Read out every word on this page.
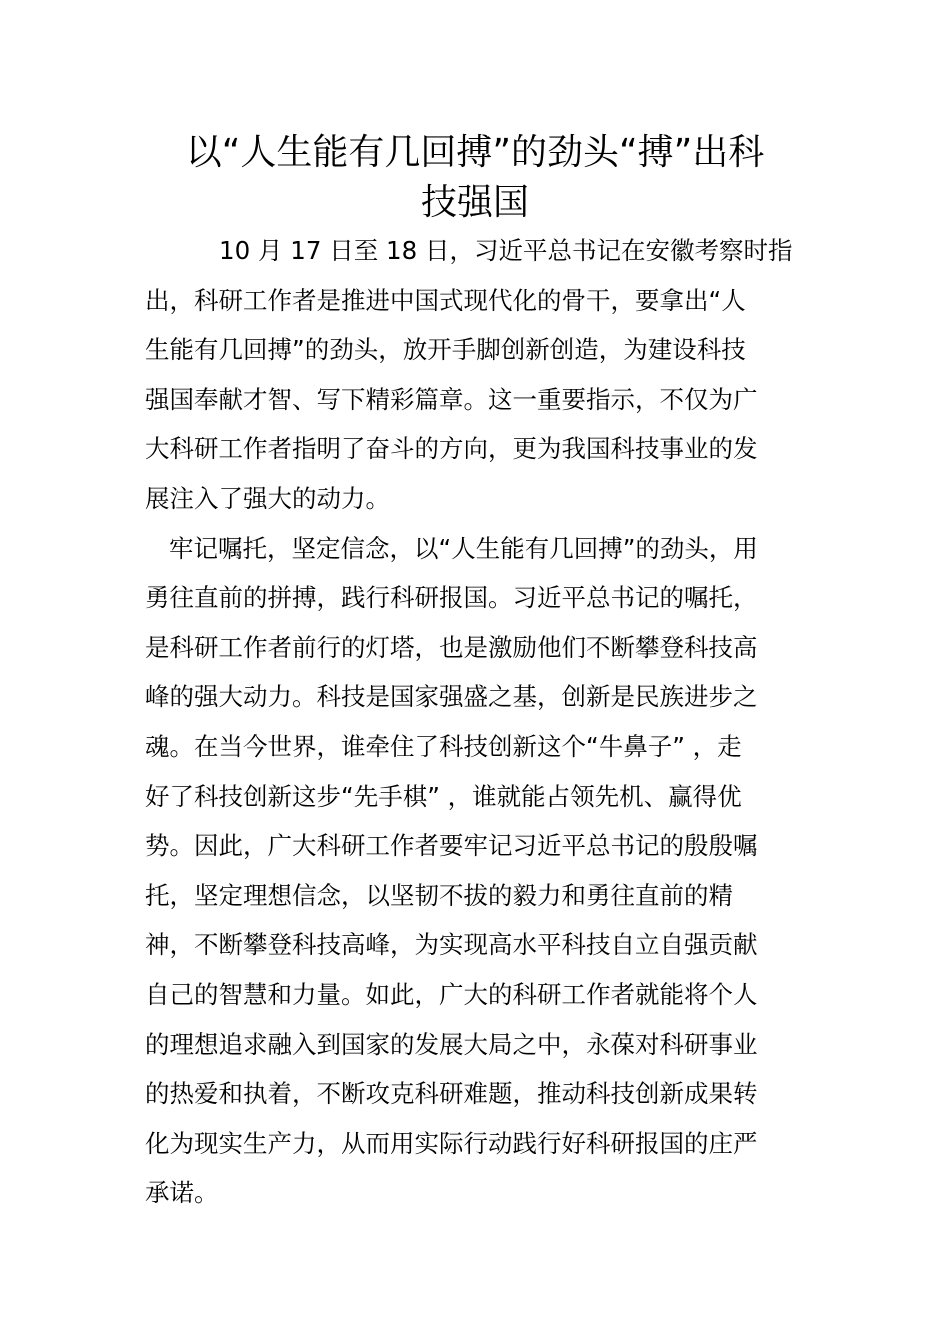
以“人生能有几回搏”的劲头“搏”出科
技强国

10 月 17 日至 18 日，习近平总书记在安徽考察时指
出，科研工作者是推进中国式现代化的骨干，要拿出“人
生能有几回搏”的劲头，放开手脚创新创造，为建设科技
强国奉献才智、写下精彩篇章。这一重要指示，不仅为广
大科研工作者指明了奋斗的方向，更为我国科技事业的发
展注入了强大的动力。

牢记嘱托，坚定信念，以“人生能有几回搏”的劲头，用
勇往直前的拼搏，践行科研报国。习近平总书记的嘱托，
是科研工作者前行的灯塔，也是激励他们不断攀登科技高
峰的强大动力。科技是国家强盛之基，创新是民族进步之
魂。在当今世界，谁牵住了科技创新这个“牛鼻子” ，走
好了科技创新这步“先手棋” ，谁就能占领先机、赢得优
势。因此，广大科研工作者要牢记习近平总书记的殷殷嘱
托，坚定理想信念，以坚韧不拔的毅力和勇往直前的精
神，不断攀登科技高峰，为实现高水平科技自立自强贡献
自己的智慧和力量。如此，广大的科研工作者就能将个人
的理想追求融入到国家的发展大局之中，永葆对科研事业
的热爱和执着，不断攻克科研难题，推动科技创新成果转
化为现实生产力，从而用实际行动践行好科研报国的庄严
承诺。
